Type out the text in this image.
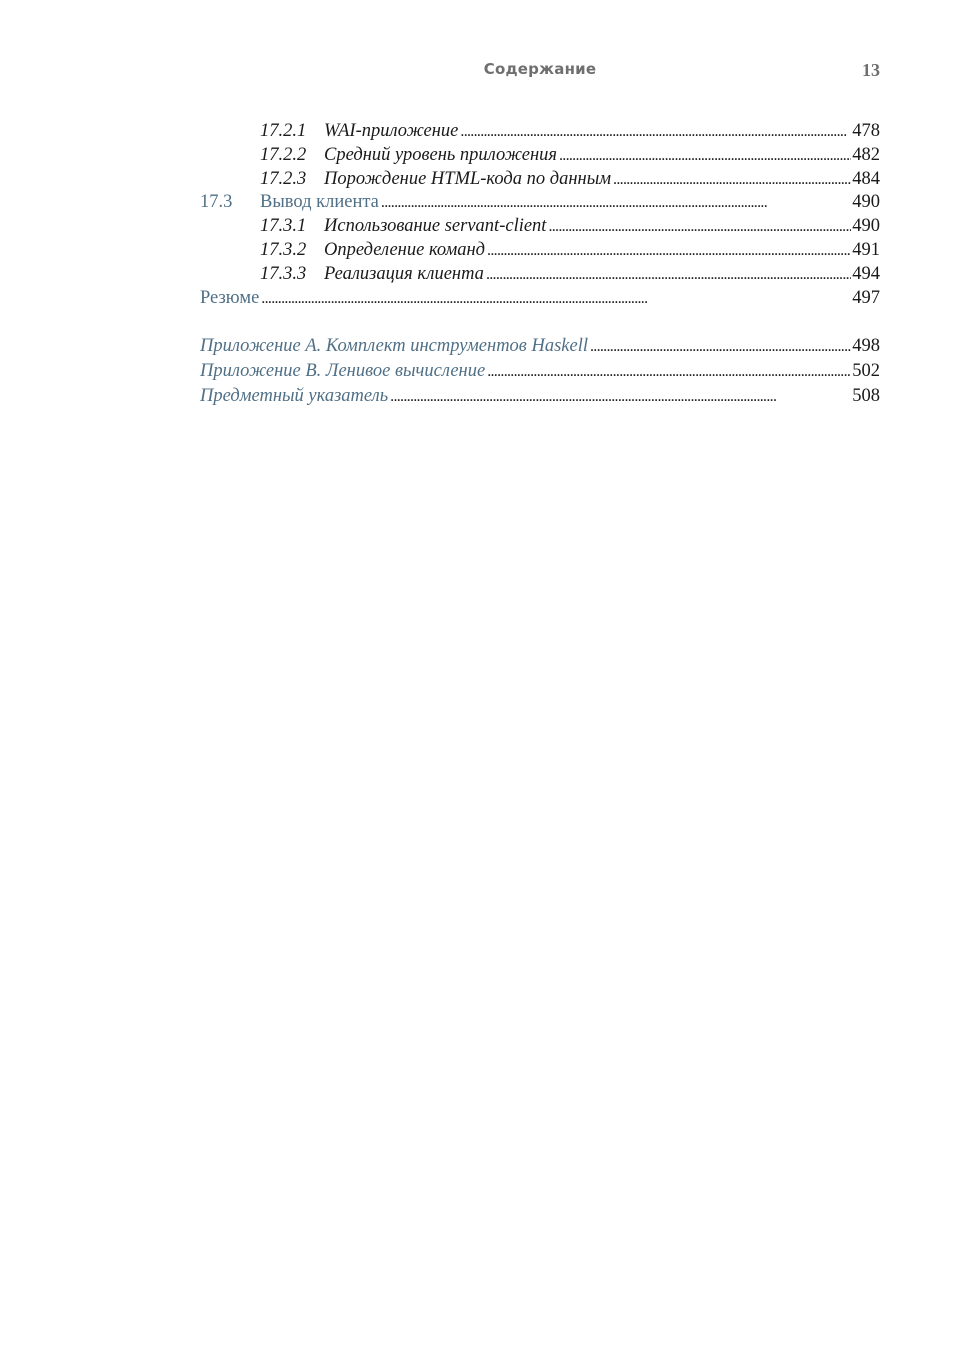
Содержание	13
17.2.1 WAI-приложение . . .	478
17.2.2 Средний уровень приложения . . .	482
17.2.3 Порождение HTML-кода по данным . . .	484
17.3	Вывод клиента . . .	490
17.3.1 Использование servant-client . . .	490
17.3.2 Определение команд . . .	491
17.3.3 Реализация клиента . . .	494
Резюме . . .	497
Приложение A. Комплект инструментов Haskell . . .	498
Приложение B. Ленивое вычисление . . .	502
Предметный указатель . . .	508
